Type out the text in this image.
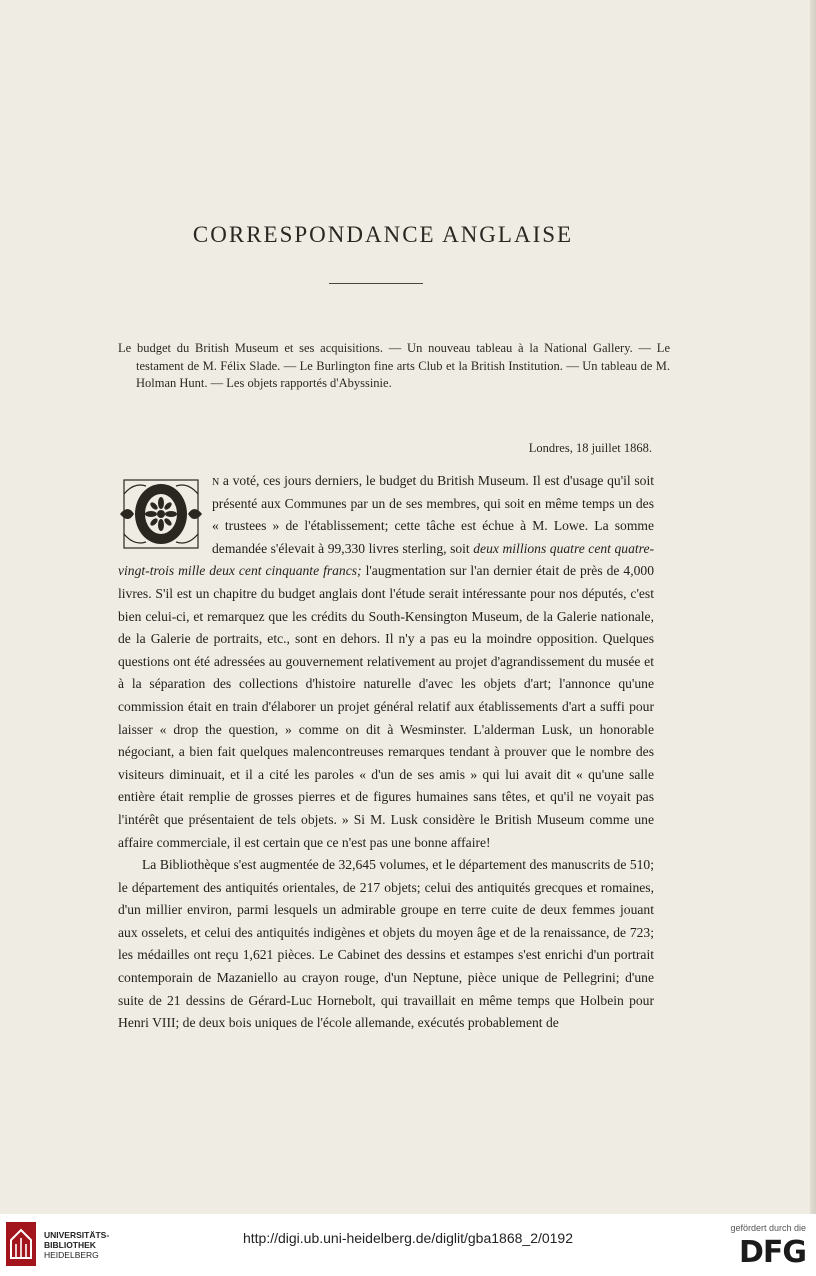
CORRESPONDANCE ANGLAISE
Le budget du British Museum et ses acquisitions. — Un nouveau tableau à la National Gallery. — Le testament de M. Félix Slade. — Le Burlington fine arts Club et la British Institution. — Un tableau de M. Holman Hunt. — Les objets rapportés d'Abyssinie.
Londres, 18 juillet 1868.

O
n a voté, ces jours derniers, le budget du British Museum. Il est d'usage qu'il soit présenté aux Communes par un de ses membres, qui soit en même temps un des « trustees » de l'établissement; cette tâche est échue à M. Lowe. La somme demandée s'élevait à 99,330 livres sterling, soit deux millions quatre cent quatre-vingt-trois mille deux cent cinquante francs; l'augmentation sur l'an dernier était de près de 4,000 livres. S'il est un chapitre du budget anglais dont l'étude serait intéressante pour nos députés, c'est bien celui-ci, et remarquez que les crédits du South-Kensington Museum, de la Galerie nationale, de la Galerie de portraits, etc., sont en dehors. Il n'y a pas eu la moindre opposition. Quelques questions ont été adressées au gouvernement relativement au projet d'agrandissement du musée et à la séparation des collections d'histoire naturelle d'avec les objets d'art; l'annonce qu'une commission était en train d'élaborer un projet général relatif aux établissements d'art a suffi pour laisser « drop the question, » comme on dit à Wesminster. L'alderman Lusk, un honorable négociant, a bien fait quelques malencontreuses remarques tendant à prouver que le nombre des visiteurs diminuait, et il a cité les paroles « d'un de ses amis » qui lui avait dit « qu'une salle entière était remplie de grosses pierres et de figures humaines sans têtes, et qu'il ne voyait pas l'intérêt que présentaient de tels objets. » Si M. Lusk considère le British Museum comme une affaire commerciale, il est certain que ce n'est pas une bonne affaire!

La Bibliothèque s'est augmentée de 32,645 volumes, et le département des manuscrits de 510; le département des antiquités orientales, de 217 objets; celui des antiquités grecques et romaines, d'un millier environ, parmi lesquels un admirable groupe en terre cuite de deux femmes jouant aux osselets, et celui des antiquités indigènes et objets du moyen âge et de la renaissance, de 723; les médailles ont reçu 1,621 pièces. Le Cabinet des dessins et estampes s'est enrichi d'un portrait contemporain de Mazaniello au crayon rouge, d'un Neptune, pièce unique de Pellegrini; d'une suite de 21 dessins de Gérard-Luc Hornebolt, qui travaillait en même temps que Holbein pour Henri VIII; de deux bois uniques de l'école allemande, exécutés probablement de

UNIVERSITÄTS-
BIBLIOTHEK
HEIDELBERG
http://digi.ub.uni-heidelberg.de/diglit/gba1868_2/0192
gefördert durch die
DFG
